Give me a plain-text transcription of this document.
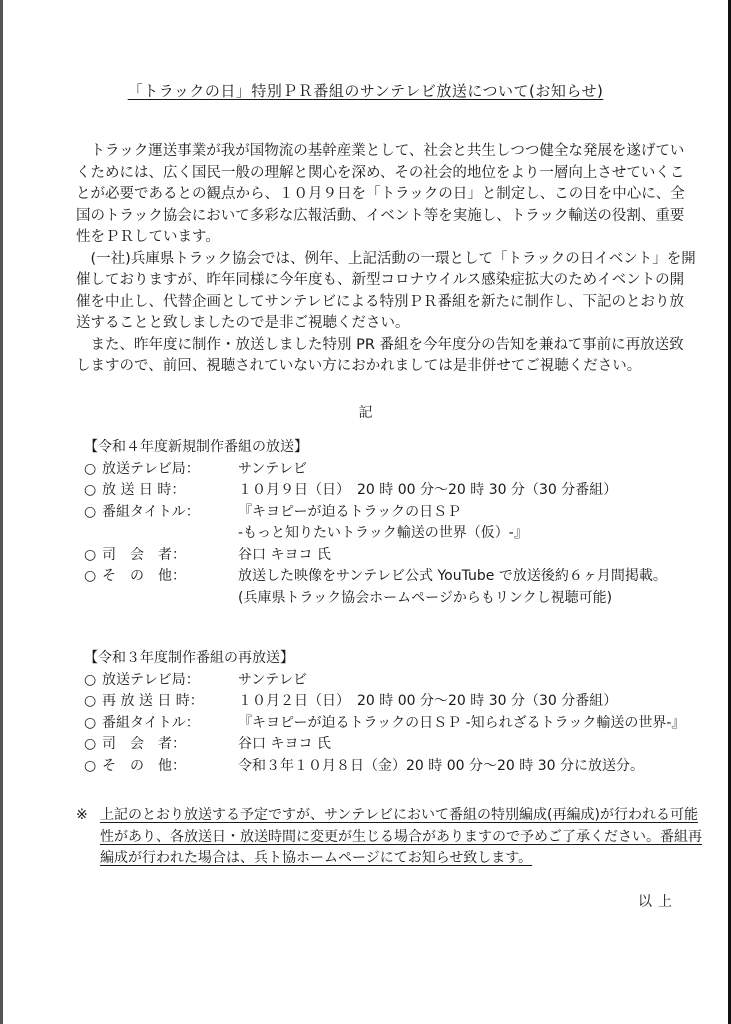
「トラックの日」特別ＰＲ番組のサンテレビ放送について(お知らせ)

トラック運送事業が我が国物流の基幹産業として、社会と共生しつつ健全な発展を遂げていくためには、広く国民一般の理解と関心を深め、その社会的地位をより一層向上させていくことが必要であるとの観点から、１０月９日を「トラックの日」と制定し、この日を中心に、全国のトラック協会において多彩な広報活動、イベント等を実施し、トラック輸送の役割、重要性をＰＲしています。

(一社)兵庫県トラック協会では、例年、上記活動の一環として「トラックの日イベント」を開催しておりますが、昨年同様に今年度も、新型コロナウイルス感染症拡大のためイベントの開催を中止し、代替企画としてサンテレビによる特別ＰＲ番組を新たに制作し、下記のとおり放送することと致しましたので是非ご視聴ください。

また、昨年度に制作・放送しました特別 PR 番組を今年度分の告知を兼ねて事前に再放送致しますので、前回、視聴されていない方におかれましては是非併せてご視聴ください。

記

【令和４年度新規制作番組の放送】

○ 放送テレビ局：	サンテレビ
○ 放 送 日 時：	１０月９日（日）　20 時 00 分～20 時 30 分（30 分番組）
○ 番組タイトル：	『キヨピーが迫るトラックの日ＳＰ
-もっと知りたいトラック輸送の世界（仮）-』
○ 司　会　者：	谷口 キヨコ 氏
○ そ　の　他：	放送した映像をサンテレビ公式 YouTube で放送後約６ヶ月間掲載。
(兵庫県トラック協会ホームページからもリンクし視聴可能)

【令和３年度制作番組の再放送】

○ 放送テレビ局：	サンテレビ
○ 再 放 送 日 時：	１０月２日（日）　20 時 00 分～20 時 30 分（30 分番組）
○ 番組タイトル：	『キヨピーが迫るトラックの日ＳＰ -知られざるトラック輸送の世界-』
○ 司　会　者：	谷口 キヨコ 氏
○ そ　の　他：	令和３年１０月８日（金）20 時 00 分～20 時 30 分に放送分。
※ 上記のとおり放送する予定ですが、サンテレビにおいて番組の特別編成(再編成)が行われる可能性があり、各放送日・放送時間に変更が生じる場合がありますので予めご了承ください。番組再編成が行われた場合は、兵ト協ホームページにてお知らせ致します。
以上
